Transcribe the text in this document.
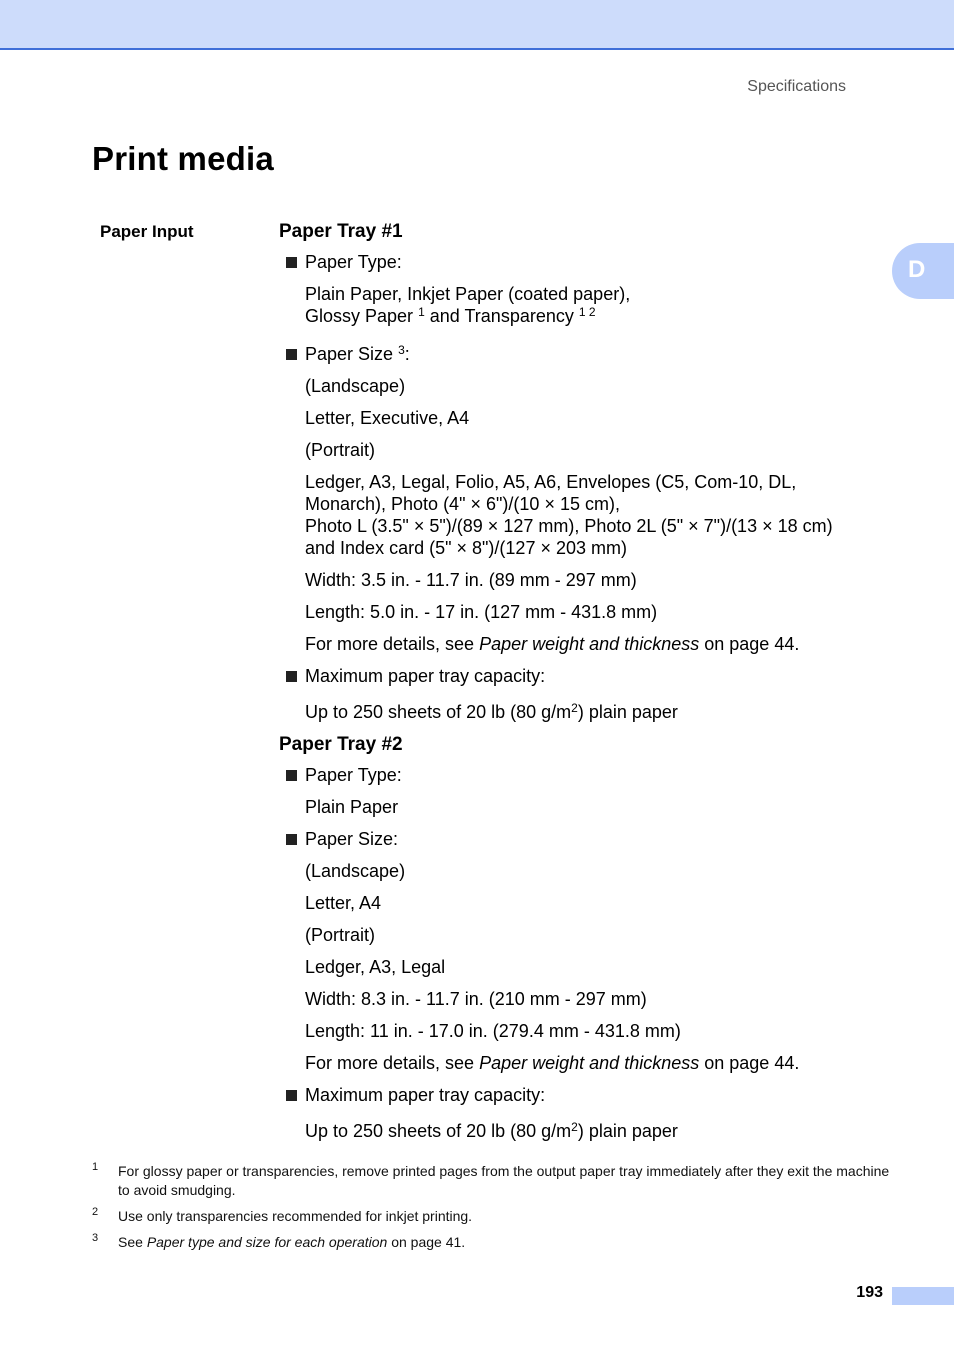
Specifications
Print media
D
Paper Input	Paper Tray #1
Paper Type:
Plain Paper, Inkjet Paper (coated paper),
Glossy Paper $^1$ and Transparency $^{1 2}$
Paper Size $^3$:
(Landscape)
Letter, Executive, A4
(Portrait)
Ledger, A3, Legal, Folio, A5, A6, Envelopes (C5, Com-10, DL,
Monarch), Photo (4" × 6")/(10 × 15 cm),
Photo L (3.5" × 5")/(89 × 127 mm), Photo 2L (5" × 7")/(13 × 18 cm)
and Index card (5" × 8")/(127 × 203 mm)
Width: 3.5 in. - 11.7 in. (89 mm - 297 mm)
Length: 5.0 in. - 17 in. (127 mm - 431.8 mm)
For more details, see Paper weight and thickness on page 44.
Maximum paper tray capacity:
Up to 250 sheets of 20 lb (80 $g/m^2$) plain paper
Paper Tray #2
Paper Type:
Plain Paper
Paper Size:
(Landscape)
Letter, A4
(Portrait)
Ledger, A3, Legal
Width: 8.3 in. - 11.7 in. (210 mm - 297 mm)
Length: 11 in. - 17.0 in. (279.4 mm - 431.8 mm)
For more details, see Paper weight and thickness on page 44.
Maximum paper tray capacity:
Up to 250 sheets of 20 lb (80 $g/m^2$) plain paper
1 For glossy paper or transparencies, remove printed pages from the output paper tray immediately after they exit the machine to avoid smudging.
2 Use only transparencies recommended for inkjet printing.
3 See Paper type and size for each operation on page 41.
193
